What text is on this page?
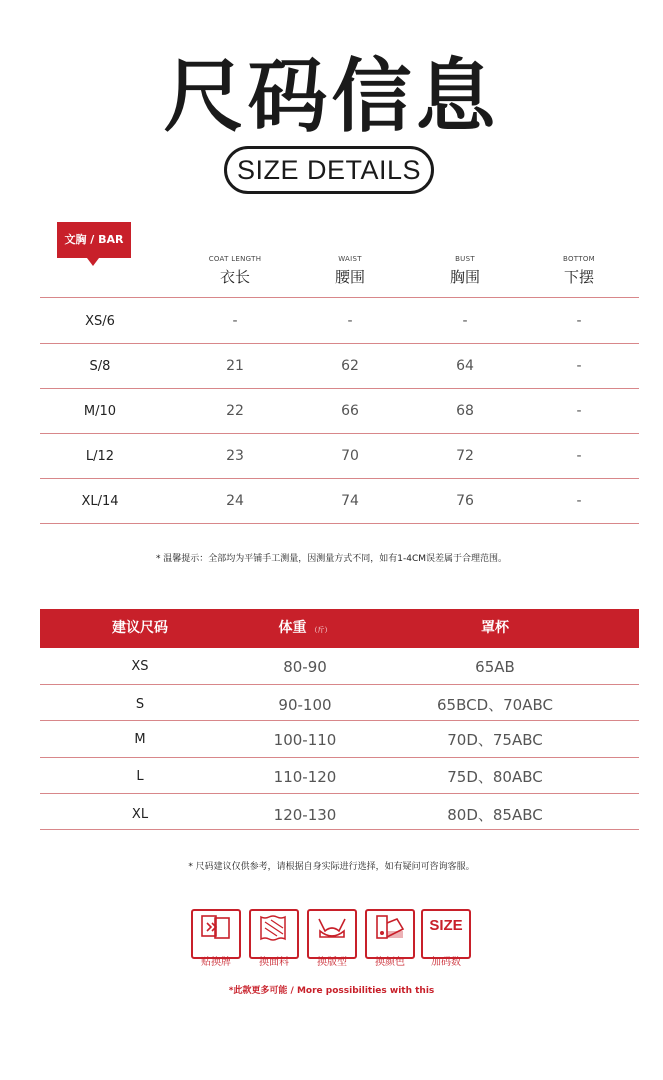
尺码信息
SIZE DETAILS
文胸 / BAR
COAT LENGTH
衣长
WAIST
腰围
BUST
胸围
BOTTOM
下摆
XS/6	-	-	-	-
S/8	21	62	64	-
M/10	22	66	68	-
L/12	23	70	72	-
XL/14	24	74	76	-
* 温馨提示：全部均为平铺手工测量，因测量方式不同，如有1-4CM误差属于合理范围。
建议尺码	体重 （斤）	罩杯
XS	80-90	65AB
S	90-100	65BCD、70ABC
M	100-110	70D、75ABC
L	110-120	75D、80ABC
XL	120-130	80D、85ABC
* 尺码建议仅供参考，请根据自身实际进行选择，如有疑问可咨询客服。
贴换牌	换面料	换版型	换颜色
SIZE
加码数
*此款更多可能 / More possibilities with this
